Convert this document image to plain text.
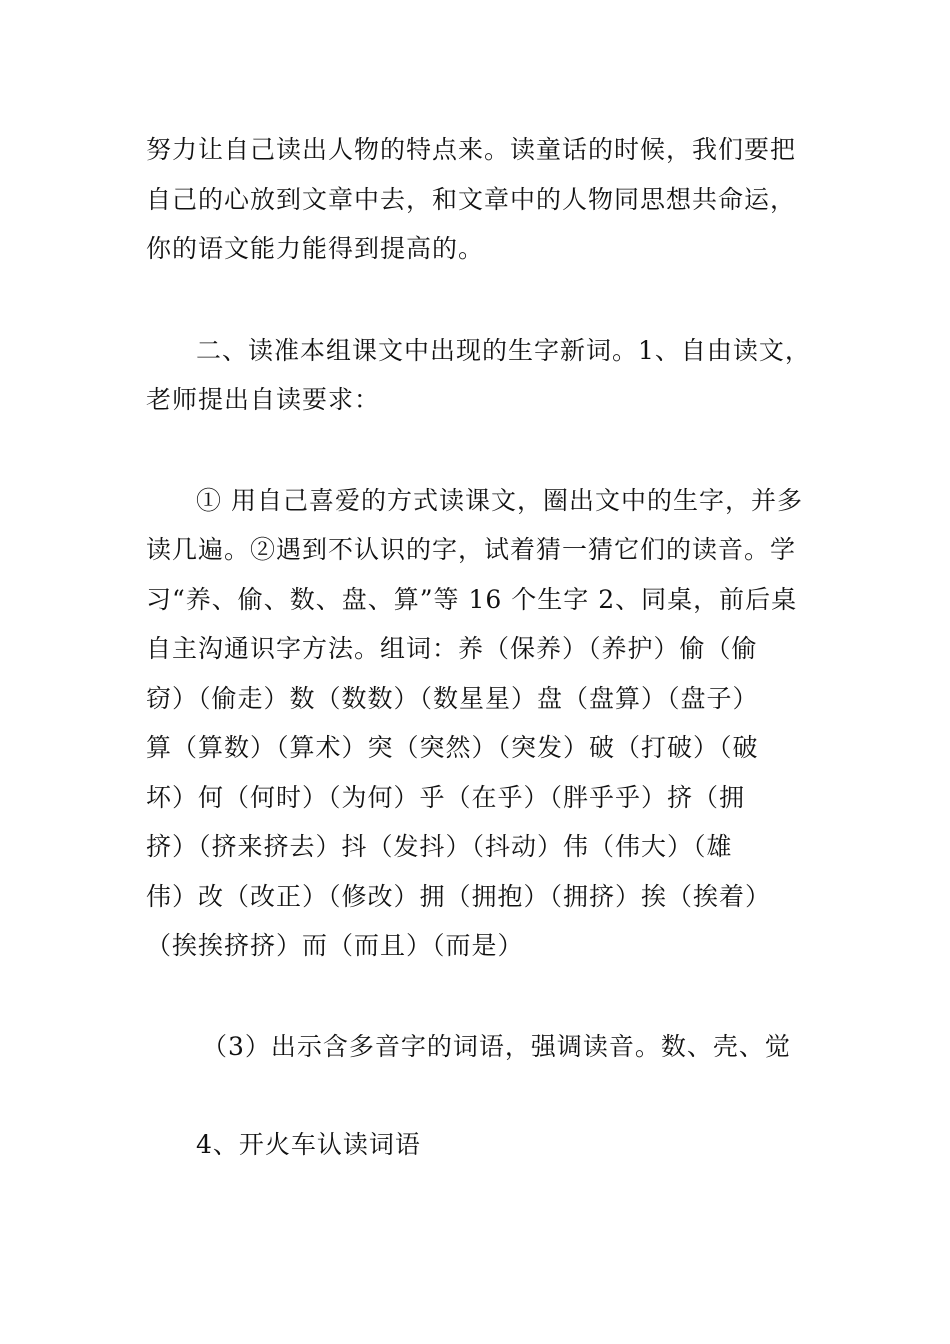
努力让自己读出人物的特点来。读童话的时候，我们要把
自己的心放到文章中去，和文章中的人物同思想共命运，
你的语文能力能得到提高的。
二、读准本组课文中出现的生字新词。1、自由读文，
老师提出自读要求：
① 用自己喜爱的方式读课文，圈出文中的生字，并多
读几遍。②遇到不认识的字，试着猜一猜它们的读音。学
习“养、偷、数、盘、算”等 16 个生字 2、同桌，前后桌
自主沟通识字方法。组词：养（保养）（养护）偷（偷
窃）（偷走）数（数数）（数星星）盘（盘算）（盘子）
算（算数）（算术）突（突然）（突发）破（打破）（破
坏）何（何时）（为何）乎（在乎）（胖乎乎）挤（拥
挤）（挤来挤去）抖（发抖）（抖动）伟（伟大）（雄
伟）改（改正）（修改）拥（拥抱）（拥挤）挨（挨着）
（挨挨挤挤）而（而且）（而是）
（3）出示含多音字的词语，强调读音。数、壳、觉
4、开火车认读词语
